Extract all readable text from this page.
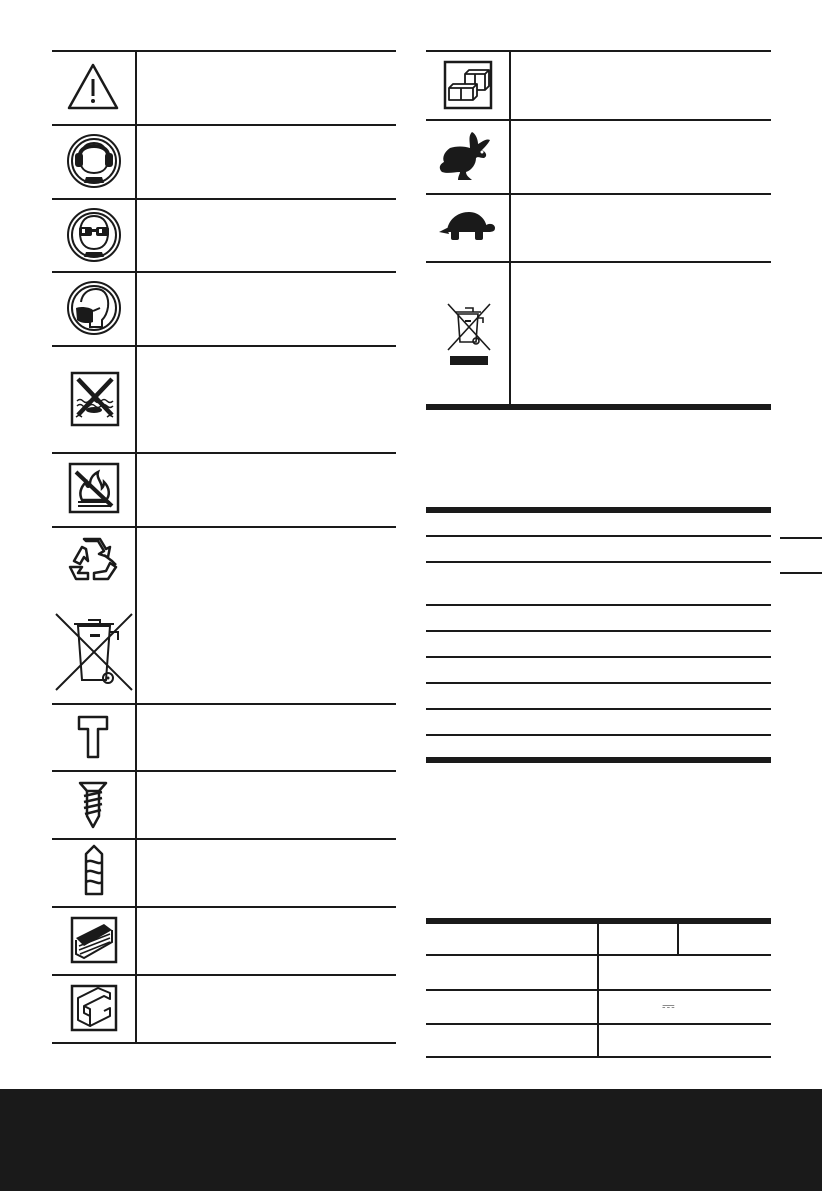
⎓
